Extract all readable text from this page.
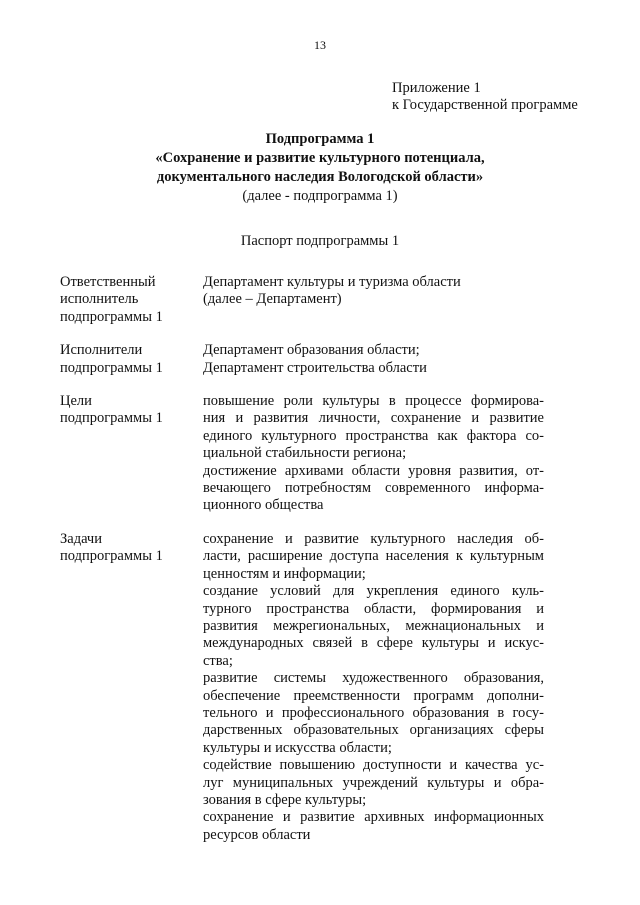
13
Приложение 1
к Государственной программе
Подпрограмма 1
«Сохранение и развитие культурного потенциала,
документального наследия Вологодской области»
(далее - подпрограмма 1)
Паспорт подпрограммы 1
Ответственный
исполнитель
подпрограммы 1
Департамент культуры и туризма области
(далее – Департамент)
Исполнители
подпрограммы 1
Департамент образования области;
Департамент строительства области
Цели
подпрограммы 1
повышение роли культуры в процессе формирова-
ния и развития личности, сохранение и развитие
единого культурного пространства как фактора со-
циальной стабильности региона;
достижение архивами области уровня развития, от-
вечающего потребностям современного информа-
ционного общества
Задачи
подпрограммы 1
сохранение и развитие культурного наследия об-
ласти, расширение доступа населения к культурным
ценностям и информации;
создание условий для укрепления единого куль-
турного пространства области, формирования и
развития межрегиональных, межнациональных и
международных связей в сфере культуры и искус-
ства;
развитие системы художественного образования,
обеспечение преемственности программ дополни-
тельного и профессионального образования в госу-
дарственных образовательных организациях сферы
культуры и искусства области;
содействие повышению доступности и качества ус-
луг муниципальных учреждений культуры и обра-
зования в сфере культуры;
сохранение и развитие архивных информационных
ресурсов области
